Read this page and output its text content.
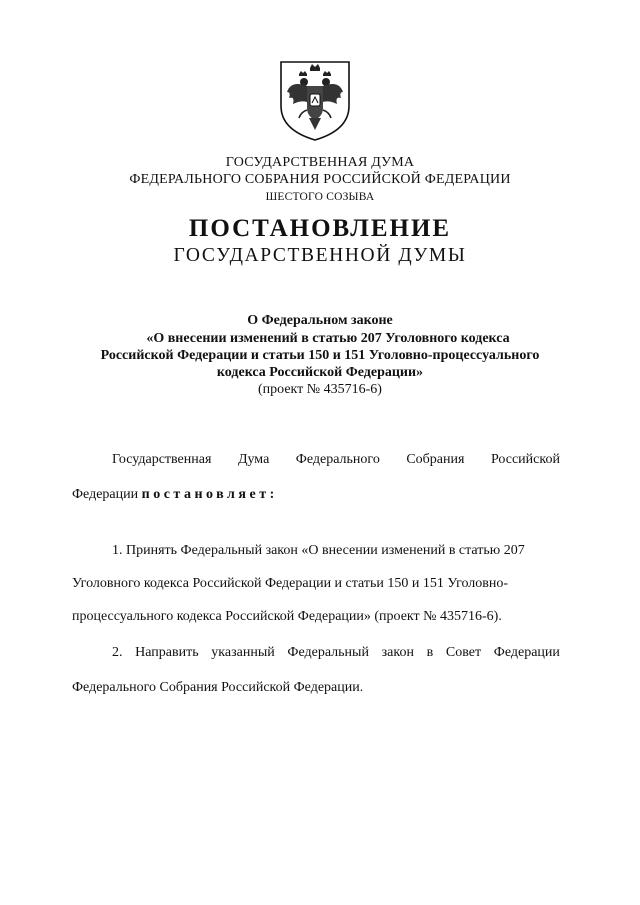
ГОСУДАРСТВЕННАЯ ДУМА
ФЕДЕРАЛЬНОГО СОБРАНИЯ РОССИЙСКОЙ ФЕДЕРАЦИИ
ШЕСТОГО СОЗЫВА
ПОСТАНОВЛЕНИЕ
ГОСУДАРСТВЕННОЙ ДУМЫ
О Федеральном законе
«О внесении изменений в статью 207 Уголовного кодекса
Российской Федерации и статьи 150 и 151 Уголовно-процессуального
кодекса Российской Федерации»
(проект № 435716-6)
Государственная Дума Федерального Собрания Российской
Федерации постановляет:
1. Принять Федеральный закон «О внесении изменений в статью 207
Уголовного кодекса Российской Федерации и статьи 150 и 151 Уголовно-
процессуального кодекса Российской Федерации» (проект № 435716-6).
2. Направить указанный Федеральный закон в Совет Федерации
Федерального Собрания Российской Федерации.
